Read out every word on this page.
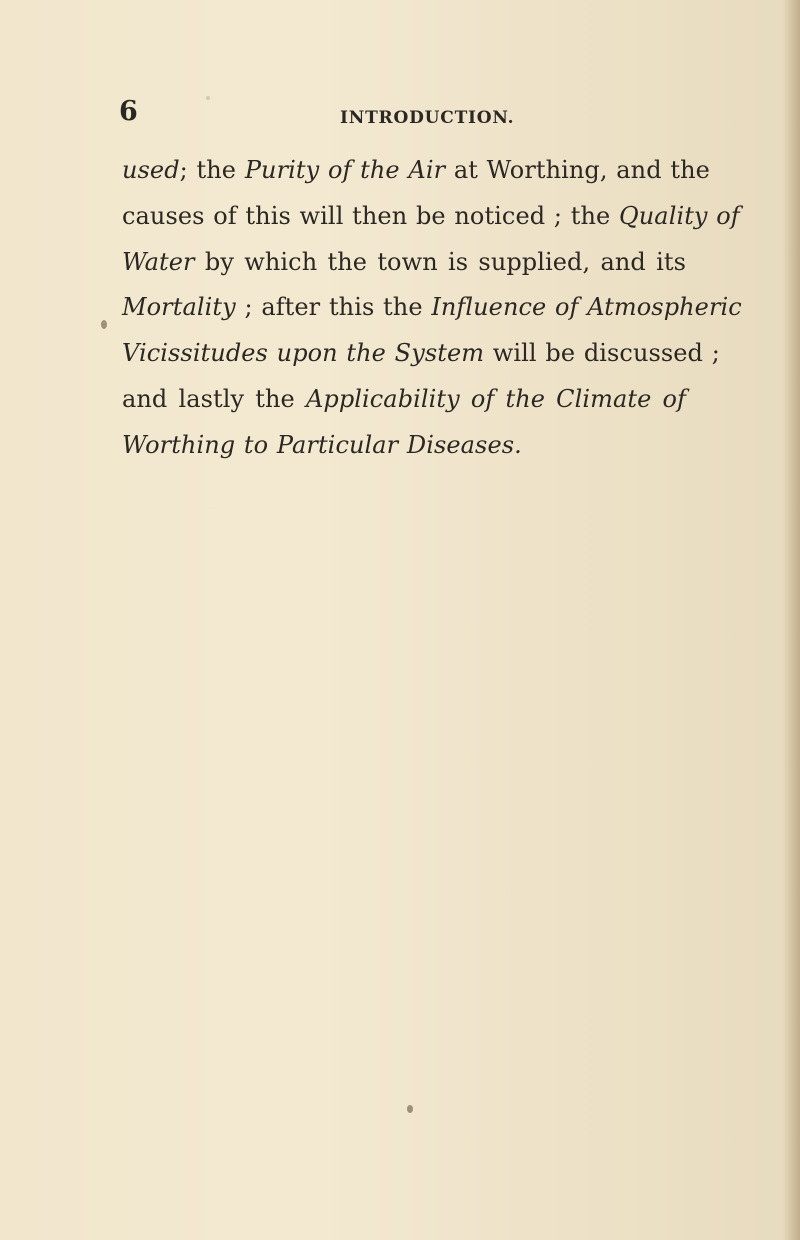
6	INTRODUCTION.
used; the Purity of the Air at Worthing, and the
causes of this will then be noticed ; the Quality of
Water by which the town is supplied, and its
Mortality ; after this the Influence of Atmospheric
Vicissitudes upon the System will be discussed ;
and lastly the Applicability of the Climate of
Worthing to Particular Diseases.
